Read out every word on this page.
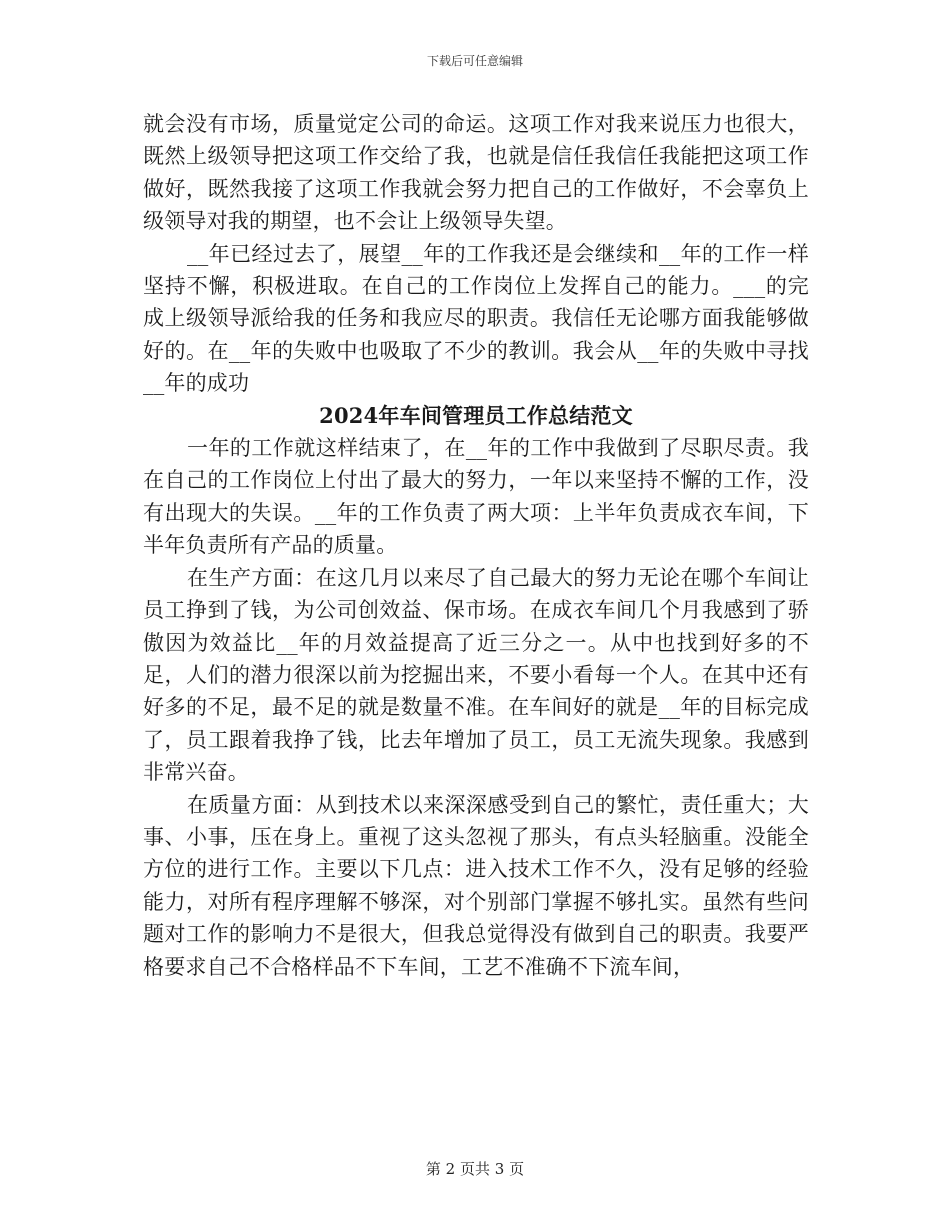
下载后可任意编辑

就会没有市场，质量觉定公司的命运。这项工作对我来说压力也很大，既然上级领导把这项工作交给了我，也就是信任我信任我能把这项工作做好，既然我接了这项工作我就会努力把自己的工作做好，不会辜负上级领导对我的期望，也不会让上级领导失望。

__年已经过去了，展望__年的工作我还是会继续和__年的工作一样坚持不懈，积极进取。在自己的工作岗位上发挥自己的能力。___的完成上级领导派给我的任务和我应尽的职责。我信任无论哪方面我能够做好的。在__年的失败中也吸取了不少的教训。我会从__年的失败中寻找__年的成功

2024年车间管理员工作总结范文

一年的工作就这样结束了，在__年的工作中我做到了尽职尽责。我在自己的工作岗位上付出了最大的努力，一年以来坚持不懈的工作，没有出现大的失误。__年的工作负责了两大项：上半年负责成衣车间，下半年负责所有产品的质量。

在生产方面：在这几月以来尽了自己最大的努力无论在哪个车间让员工挣到了钱，为公司创效益、保市场。在成衣车间几个月我感到了骄傲因为效益比__年的月效益提高了近三分之一。从中也找到好多的不足，人们的潜力很深以前为挖掘出来，不要小看每一个人。在其中还有好多的不足，最不足的就是数量不准。在车间好的就是__年的目标完成了，员工跟着我挣了钱，比去年增加了员工，员工无流失现象。我感到非常兴奋。

在质量方面：从到技术以来深深感受到自己的繁忙，责任重大；大事、小事，压在身上。重视了这头忽视了那头，有点头轻脑重。没能全方位的进行工作。主要以下几点：进入技术工作不久，没有足够的经验能力，对所有程序理解不够深，对个别部门掌握不够扎实。虽然有些问题对工作的影响力不是很大，但我总觉得没有做到自己的职责。我要严格要求自己不合格样品不下车间，工艺不准确不下流车间，

第 2 页共 3 页
